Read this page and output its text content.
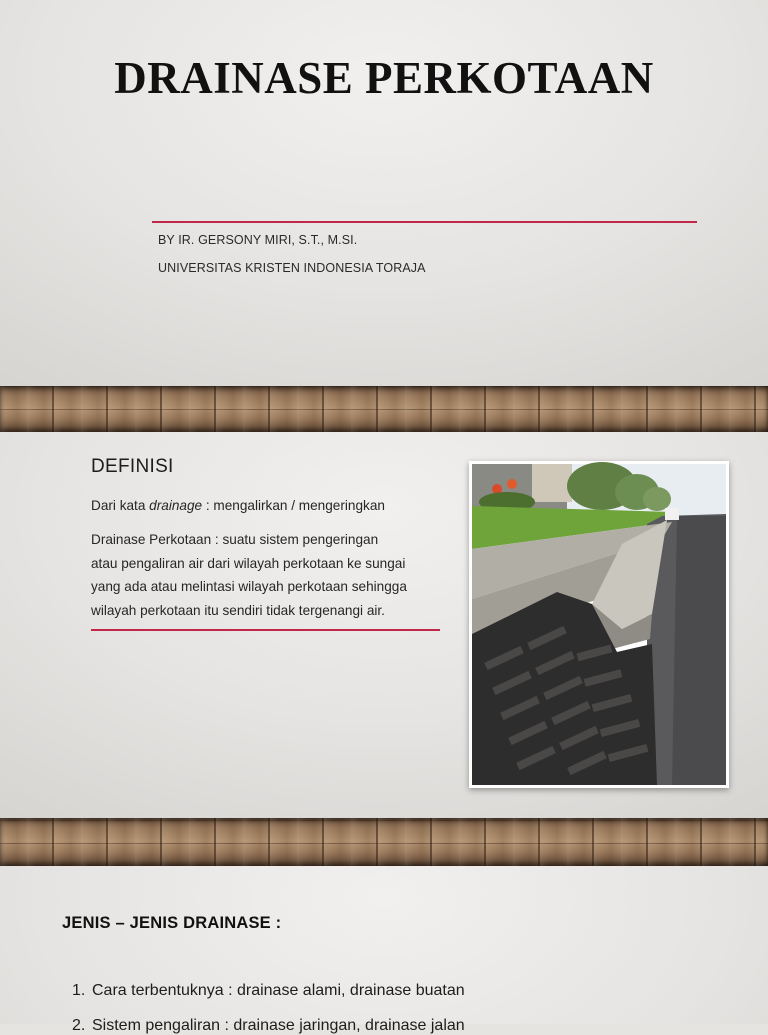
DRAINASE PERKOTAAN

BY IR. GERSONY MIRI, S.T., M.SI.

UNIVERSITAS KRISTEN INDONESIA TORAJA

DEFINISI

Dari kata drainage : mengalirkan / mengeringkan

Drainase Perkotaan : suatu sistem pengeringan
atau pengaliran air dari wilayah perkotaan ke sungai
yang ada atau melintasi wilayah perkotaan sehingga
wilayah perkotaan itu sendiri tidak tergenangi air.
JENIS – JENIS DRAINASE :

1. Cara terbentuknya : drainase alami, drainase buatan

2. Sistem pengaliran : drainase jaringan, drainase jalan
